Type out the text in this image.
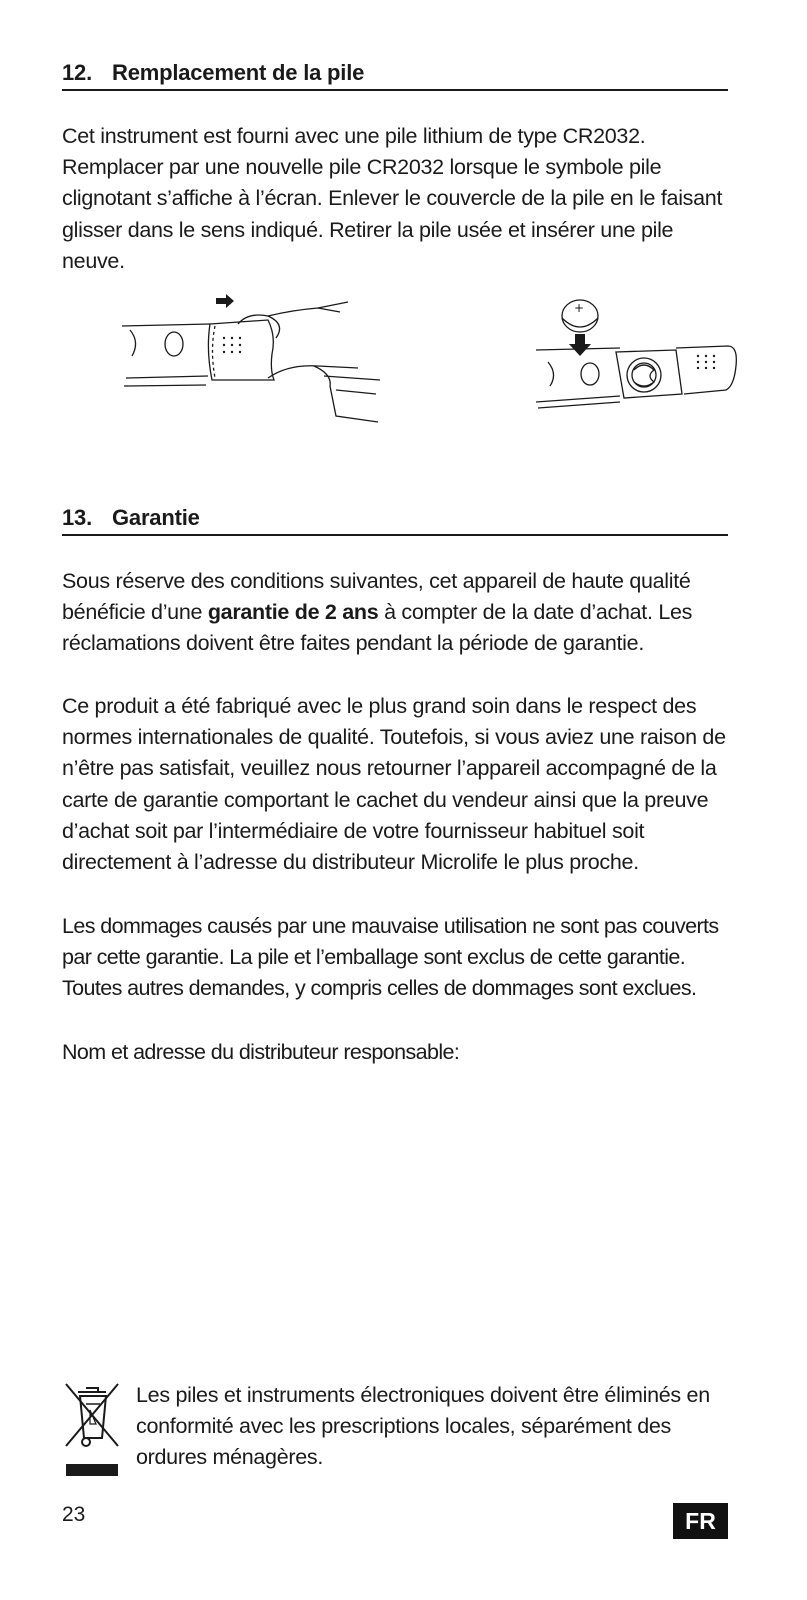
12. Remplacement de la pile
Cet instrument est fourni avec une pile lithium de type CR2032. Remplacer par une nouvelle pile CR2032 lorsque le symbole pile clignotant s’affiche à l’écran. Enlever le couvercle de la pile en le faisant glisser dans le sens indiqué. Retirer la pile usée et insérer une pile neuve.
+
13. Garantie
Sous réserve des conditions suivantes, cet appareil de haute qualité bénéficie d’une garantie de 2 ans à compter de la date d’achat. Les réclamations doivent être faites pendant la période de garantie.
Ce produit a été fabriqué avec le plus grand soin dans le respect des normes internationales de qualité. Toutefois, si vous aviez une raison de n’être pas satisfait, veuillez nous retourner l’appareil accompagné de la carte de garantie comportant le cachet du vendeur ainsi que la preuve d’achat soit par l’intermédiaire de votre fournisseur habituel soit directement à l’adresse du distributeur Microlife le plus proche.
Les dommages causés par une mauvaise utilisation ne sont pas couverts par cette garantie. La pile et l’emballage sont exclus de cette garantie. Toutes autres demandes, y compris celles de dommages sont exclues.
Nom et adresse du distributeur responsable:
Les piles et instruments électroniques doivent être éliminés en conformité avec les prescriptions locales, séparément des ordures ménagères.
23	FR
